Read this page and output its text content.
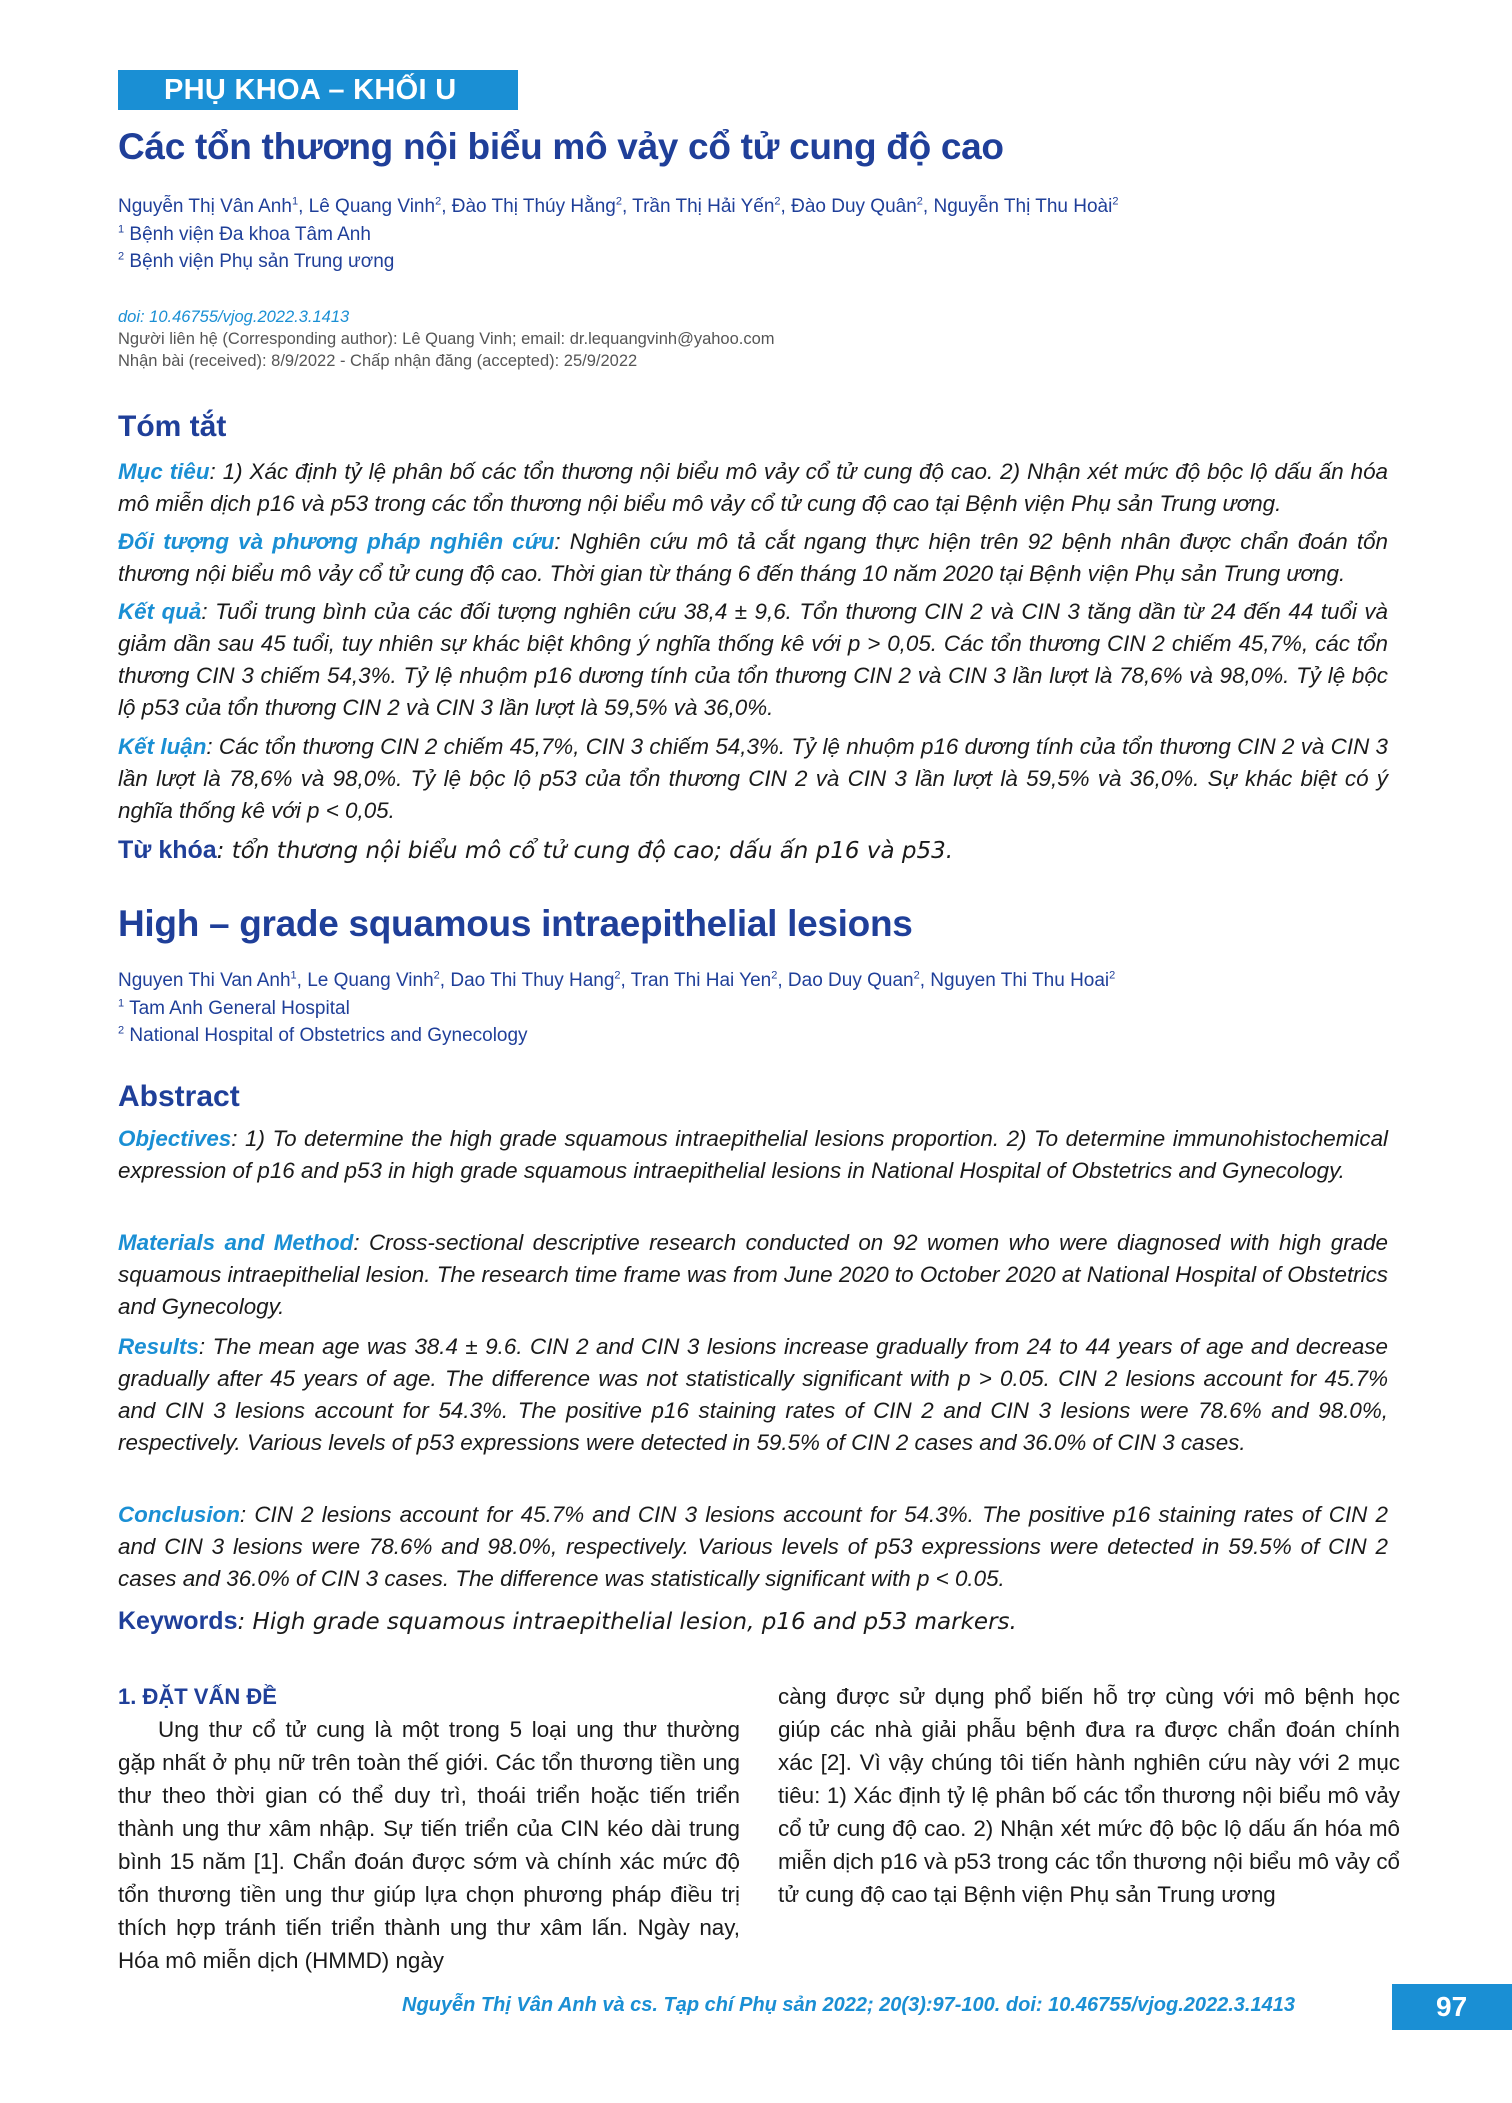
PHỤ KHOA – KHỐI U
Các tổn thương nội biểu mô vảy cổ tử cung độ cao
Nguyễn Thị Vân Anh$^1$, Lê Quang Vinh$^2$, Đào Thị Thúy Hằng$^2$, Trần Thị Hải Yến$^2$, Đào Duy Quân$^2$, Nguyễn Thị Thu Hoài$^2$
$^1$ Bệnh viện Đa khoa Tâm Anh
$^2$ Bệnh viện Phụ sản Trung ương
doi: 10.46755/vjog.2022.3.1413
Người liên hệ (Corresponding author): Lê Quang Vinh; email: dr.lequangvinh@yahoo.com
Nhận bài (received): 8/9/2022 - Chấp nhận đăng (accepted): 25/9/2022
Tóm tắt

Mục tiêu: 1) Xác định tỷ lệ phân bố các tổn thương nội biểu mô vảy cổ tử cung độ cao. 2) Nhận xét mức độ bộc lộ dấu ấn hóa mô miễn dịch p16 và p53 trong các tổn thương nội biểu mô vảy cổ tử cung độ cao tại Bệnh viện Phụ sản Trung ương.

Đối tượng và phương pháp nghiên cứu: Nghiên cứu mô tả cắt ngang thực hiện trên 92 bệnh nhân được chẩn đoán tổn thương nội biểu mô vảy cổ tử cung độ cao. Thời gian từ tháng 6 đến tháng 10 năm 2020 tại Bệnh viện Phụ sản Trung ương.

Kết quả: Tuổi trung bình của các đối tượng nghiên cứu 38,4 ± 9,6. Tổn thương CIN 2 và CIN 3 tăng dần từ 24 đến 44 tuổi và giảm dần sau 45 tuổi, tuy nhiên sự khác biệt không ý nghĩa thống kê với p > 0,05. Các tổn thương CIN 2 chiếm 45,7%, các tổn thương CIN 3 chiếm 54,3%. Tỷ lệ nhuộm p16 dương tính của tổn thương CIN 2 và CIN 3 lần lượt là 78,6% và 98,0%. Tỷ lệ bộc lộ p53 của tổn thương CIN 2 và CIN 3 lần lượt là 59,5% và 36,0%.

Kết luận: Các tổn thương CIN 2 chiếm 45,7%, CIN 3 chiếm 54,3%. Tỷ lệ nhuộm p16 dương tính của tổn thương CIN 2 và CIN 3 lần lượt là 78,6% và 98,0%. Tỷ lệ bộc lộ p53 của tổn thương CIN 2 và CIN 3 lần lượt là 59,5% và 36,0%. Sự khác biệt có ý nghĩa thống kê với p < 0,05.

Từ khóa: tổn thương nội biểu mô cổ tử cung độ cao; dấu ấn p16 và p53.
High – grade squamous intraepithelial lesions
Nguyen Thi Van Anh$^1$, Le Quang Vinh$^2$, Dao Thi Thuy Hang$^2$, Tran Thi Hai Yen$^2$, Dao Duy Quan$^2$, Nguyen Thi Thu Hoai$^2$
$^1$ Tam Anh General Hospital
$^2$ National Hospital of Obstetrics and Gynecology
Abstract

Objectives: 1) To determine the high grade squamous intraepithelial lesions proportion. 2) To determine immunohistochemical expression of p16 and p53 in high grade squamous intraepithelial lesions in National Hospital of Obstetrics and Gynecology.

Materials and Method: Cross-sectional descriptive research conducted on 92 women who were diagnosed with high grade squamous intraepithelial lesion. The research time frame was from June 2020 to October 2020 at National Hospital of Obstetrics and Gynecology.

Results: The mean age was 38.4 ± 9.6. CIN 2 and CIN 3 lesions increase gradually from 24 to 44 years of age and decrease gradually after 45 years of age. The difference was not statistically significant with p > 0.05. CIN 2 lesions account for 45.7% and CIN 3 lesions account for 54.3%. The positive p16 staining rates of CIN 2 and CIN 3 lesions were 78.6% and 98.0%, respectively. Various levels of p53 expressions were detected in 59.5% of CIN 2 cases and 36.0% of CIN 3 cases.

Conclusion: CIN 2 lesions account for 45.7% and CIN 3 lesions account for 54.3%. The positive p16 staining rates of CIN 2 and CIN 3 lesions were 78.6% and 98.0%, respectively. Various levels of p53 expressions were detected in 59.5% of CIN 2 cases and 36.0% of CIN 3 cases. The difference was statistically significant with p < 0.05.

Keywords: High grade squamous intraepithelial lesion, p16 and p53 markers.
1. ĐẶT VẤN ĐỀ

Ung thư cổ tử cung là một trong 5 loại ung thư thường gặp nhất ở phụ nữ trên toàn thế giới. Các tổn thương tiền ung thư theo thời gian có thể duy trì, thoái triển hoặc tiến triển thành ung thư xâm nhập. Sự tiến triển của CIN kéo dài trung bình 15 năm [1]. Chẩn đoán được sớm và chính xác mức độ tổn thương tiền ung thư giúp lựa chọn phương pháp điều trị thích hợp tránh tiến triển thành ung thư xâm lấn. Ngày nay, Hóa mô miễn dịch (HMMD) ngày

càng được sử dụng phổ biến hỗ trợ cùng với mô bệnh học giúp các nhà giải phẫu bệnh đưa ra được chẩn đoán chính xác [2]. Vì vậy chúng tôi tiến hành nghiên cứu này với 2 mục tiêu: 1) Xác định tỷ lệ phân bố các tổn thương nội biểu mô vảy cổ tử cung độ cao. 2) Nhận xét mức độ bộc lộ dấu ấn hóa mô miễn dịch p16 và p53 trong các tổn thương nội biểu mô vảy cổ tử cung độ cao tại Bệnh viện Phụ sản Trung ương

Nguyễn Thị Vân Anh và cs. Tạp chí Phụ sản 2022; 20(3):97-100. doi: 10.46755/vjog.2022.3.1413	97
